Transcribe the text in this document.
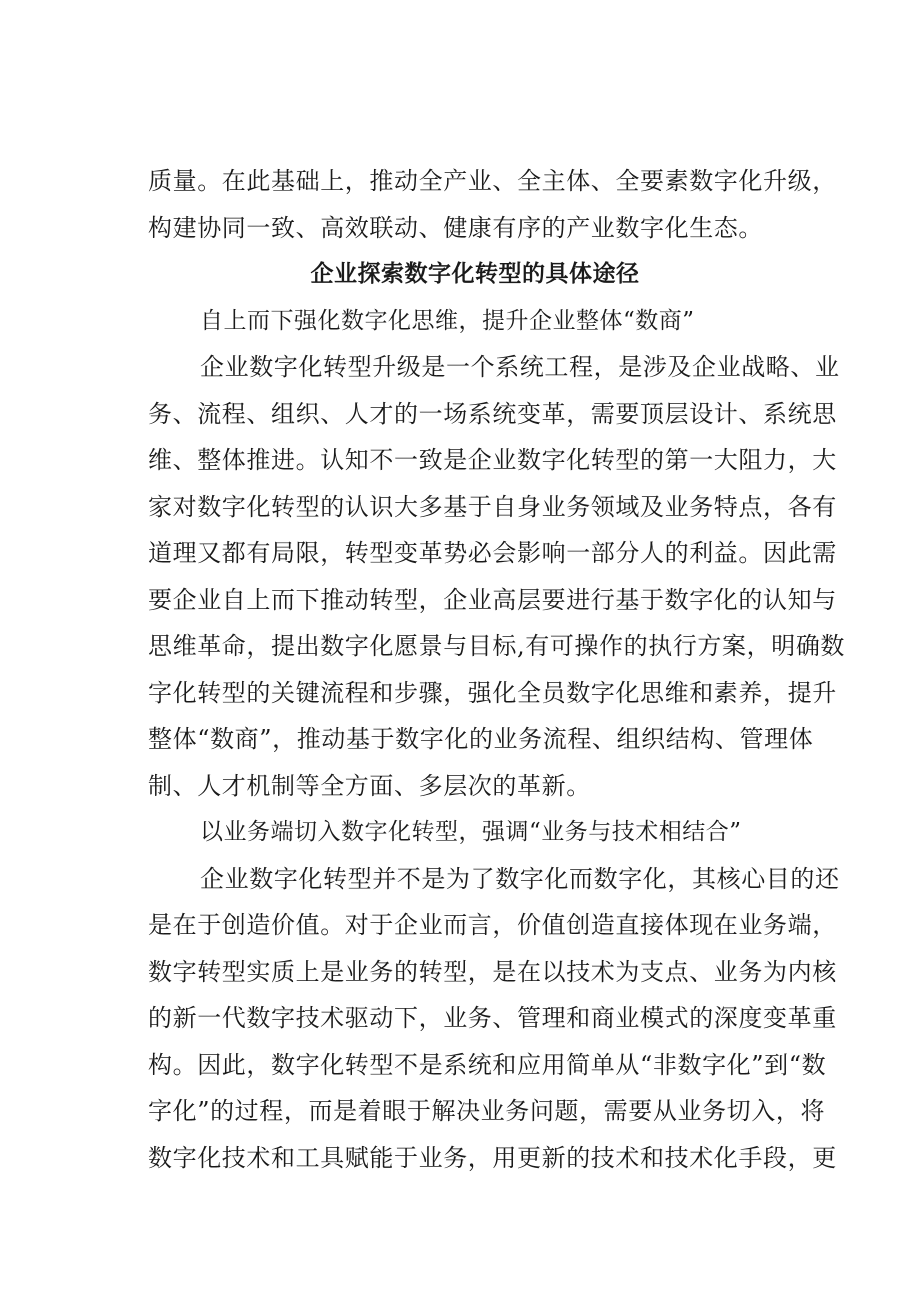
质量。在此基础上，推动全产业、全主体、全要素数字化升级，
构建协同一致、高效联动、健康有序的产业数字化生态。
企业探索数字化转型的具体途径
自上而下强化数字化思维，提升企业整体“数商”
企业数字化转型升级是一个系统工程，是涉及企业战略、业
务、流程、组织、人才的一场系统变革，需要顶层设计、系统思
维、整体推进。认知不一致是企业数字化转型的第一大阻力，大
家对数字化转型的认识大多基于自身业务领域及业务特点，各有
道理又都有局限，转型变革势必会影响一部分人的利益。因此需
要企业自上而下推动转型，企业高层要进行基于数字化的认知与
思维革命，提出数字化愿景与目标,有可操作的执行方案，明确数
字化转型的关键流程和步骤，强化全员数字化思维和素养，提升
整体“数商”，推动基于数字化的业务流程、组织结构、管理体
制、人才机制等全方面、多层次的革新。
以业务端切入数字化转型，强调“业务与技术相结合”
企业数字化转型并不是为了数字化而数字化，其核心目的还
是在于创造价值。对于企业而言，价值创造直接体现在业务端，
数字转型实质上是业务的转型，是在以技术为支点、业务为内核
的新一代数字技术驱动下，业务、管理和商业模式的深度变革重
构。因此，数字化转型不是系统和应用简单从“非数字化”到“数
字化”的过程，而是着眼于解决业务问题，需要从业务切入，将
数字化技术和工具赋能于业务，用更新的技术和技术化手段，更
